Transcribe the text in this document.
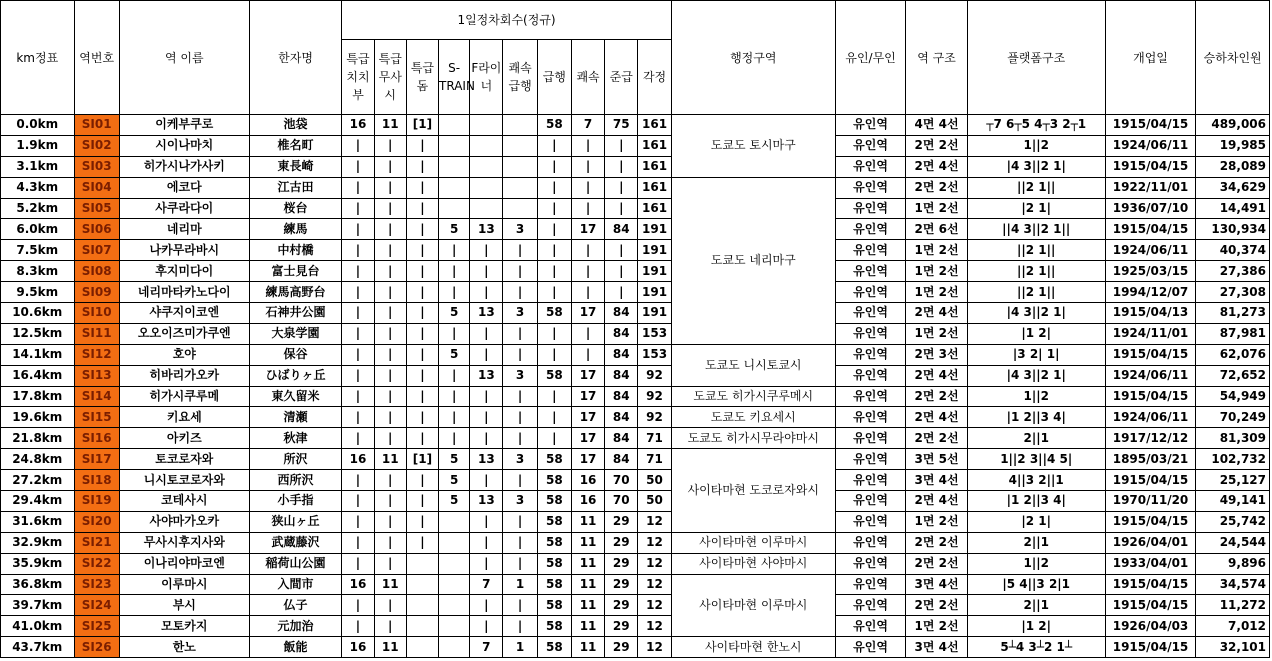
km정표	역번호	역 이름	한자명	1일정차회수(정규)										행정구역	유인/무인	역 구조	플랫폼구조	개업일	승하차인원
				특급치치부	특급무사시	특급돔	S-TRAIN	F라이너	쾌속급행	급행	쾌속	준급	각정						
0.0km	SI01	이케부쿠로	池袋	16	11	[1]				58	7	75	161	도쿄도 토시마구	유인역	4면 4선	┬7 6┬5 4┬3 2┬1	1915/04/15	489,006
1.9km	SI02	시이나마치	椎名町	|	|	|				|	|	|	161		유인역	2면 2선	1||2	1924/06/11	19,985
3.1km	SI03	히가시나가사키	東長崎	|	|	|				|	|	|	161		유인역	2면 4선	|4 3||2 1|	1915/04/15	28,089
4.3km	SI04	에코다	江古田	|	|	|				|	|	|	161	도쿄도 네리마구	유인역	2면 2선	||2 1||	1922/11/01	34,629
5.2km	SI05	사쿠라다이	桜台	|	|	|				|	|	|	161		유인역	1면 2선	|2 1|	1936/07/10	14,491
6.0km	SI06	네리마	練馬	|	|	|	5	13	3	|	17	84	191		유인역	2면 6선	||4 3||2 1||	1915/04/15	130,934
7.5km	SI07	나카무라바시	中村橋	|	|	|	|	|	|	|	|	|	191		유인역	1면 2선	||2 1||	1924/06/11	40,374
8.3km	SI08	후지미다이	富士見台	|	|	|	|	|	|	|	|	|	191		유인역	1면 2선	||2 1||	1925/03/15	27,386
9.5km	SI09	네리마타카노다이	練馬高野台	|	|	|	|	|	|	|	|	|	191		유인역	1면 2선	||2 1||	1994/12/07	27,308
10.6km	SI10	샤쿠지이코엔	石神井公園	|	|	|	5	13	3	58	17	84	191		유인역	2면 4선	|4 3||2 1|	1915/04/13	81,273
12.5km	SI11	오오이즈미가쿠엔	大泉学園	|	|	|	|	|	|	|	|	84	153		유인역	1면 2선	|1 2|	1924/11/01	87,981
14.1km	SI12	호야	保谷	|	|	|	5	|	|	|	|	84	153	도쿄도 니시토쿄시	유인역	2면 3선	|3 2| 1|	1915/04/15	62,076
16.4km	SI13	히바리가오카	ひばりヶ丘	|	|	|	|	13	3	58	17	84	92		유인역	2면 4선	|4 3||2 1|	1924/06/11	72,652
17.8km	SI14	히가시쿠루메	東久留米	|	|	|	|	|	|	|	17	84	92	도쿄도 히가시쿠루메시	유인역	2면 2선	1||2	1915/04/15	54,949
19.6km	SI15	키요세	清瀬	|	|	|	|	|	|	|	17	84	92	도쿄도 키요세시	유인역	2면 4선	|1 2||3 4|	1924/06/11	70,249
21.8km	SI16	아키즈	秋津	|	|	|	|	|	|	|	17	84	71	도쿄도 히가시무라야마시	유인역	2면 2선	2||1	1917/12/12	81,309
24.8km	SI17	토코로자와	所沢	16	11	[1]	5	13	3	58	17	84	71	사이타마현 도코로자와시	유인역	3면 5선	1||2 3||4 5|	1895/03/21	102,732
27.2km	SI18	니시토코로자와	西所沢	|	|	|	5	|	|	58	16	70	50		유인역	3면 4선	4||3 2||1	1915/04/15	25,127
29.4km	SI19	코테사시	小手指	|	|	|	5	13	3	58	16	70	50		유인역	2면 4선	|1 2||3 4|	1970/11/20	49,141
31.6km	SI20	사야마가오카	狭山ヶ丘	|	|	|		|	|	58	11	29	12		유인역	1면 2선	|2 1|	1915/04/15	25,742
32.9km	SI21	무사시후지사와	武蔵藤沢	|	|	|		|	|	58	11	29	12	사이타마현 이루마시	유인역	2면 2선	2||1	1926/04/01	24,544
35.9km	SI22	이나리야마코엔	稲荷山公園	|	|			|	|	58	11	29	12	사이타마현 사야마시	유인역	2면 2선	1||2	1933/04/01	9,896
36.8km	SI23	이루마시	入間市	16	11			7	1	58	11	29	12	사이타마현 이루마시	유인역	3면 4선	|5 4||3 2|1	1915/04/15	34,574
39.7km	SI24	부시	仏子	|	|			|	|	58	11	29	12		유인역	2면 2선	2||1	1915/04/15	11,272
41.0km	SI25	모토카지	元加治	|	|			|	|	58	11	29	12		유인역	1면 2선	|1 2|	1926/04/03	7,012
43.7km	SI26	한노	飯能	16	11			7	1	58	11	29	12	사이타마현 한노시	유인역	3면 4선	5┴4 3┴2 1┴	1915/04/15	32,101
